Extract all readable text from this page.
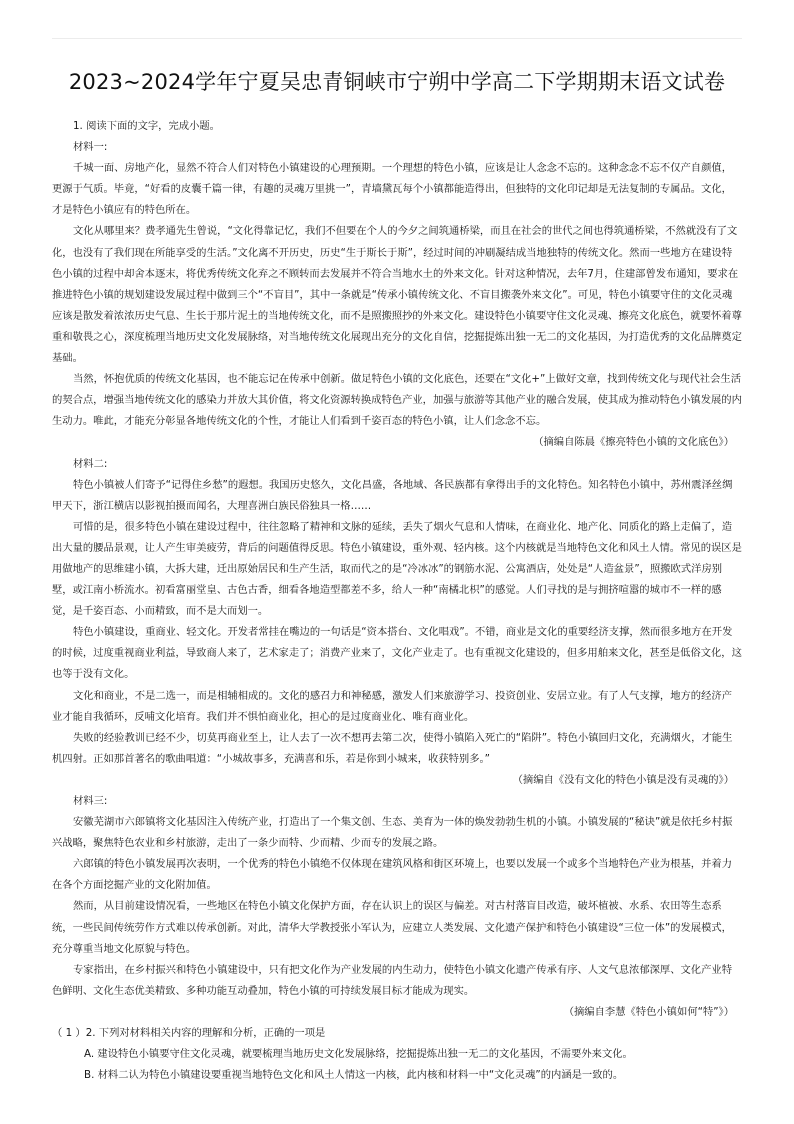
2023~2024学年宁夏吴忠青铜峡市宁朔中学高二下学期期末语文试卷

1. 阅读下面的文字，完成小题。

材料一:

千城一面、房地产化，显然不符合人们对特色小镇建设的心理预期。一个理想的特色小镇，应该是让人念念不忘的。这种念念不忘不仅产自颜值，更源于气质。毕竟，“好看的皮囊千篇一律，有趣的灵魂万里挑一”，青墙黛瓦每个小镇都能造得出，但独特的文化印记却是无法复制的专属品。文化，才是特色小镇应有的特色所在。

文化从哪里来？费孝通先生曾说，“文化得靠记忆，我们不但要在个人的今夕之间筑通桥梁，而且在社会的世代之间也得筑通桥梁，不然就没有了文化，也没有了我们现在所能享受的生活。”文化离不开历史，历史“生于斯长于斯”，经过时间的冲刷凝结成当地独特的传统文化。然而一些地方在建设特色小镇的过程中却舍本逐末，将优秀传统文化弃之不顾转而去发展并不符合当地水土的外来文化。针对这种情况，去年7月，住建部曾发布通知，要求在推进特色小镇的规划建设发展过程中做到三个“不盲目”，其中一条就是“传承小镇传统文化、不盲目搬袭外来文化”。可见，特色小镇要守住的文化灵魂应该是散发着浓浓历史气息、生长于那片泥土的当地传统文化，而不是照搬照抄的外来文化。建设特色小镇要守住文化灵魂、擦亮文化底色，就要怀着尊重和敬畏之心，深度梳理当地历史文化发展脉络，对当地传统文化展现出充分的文化自信，挖掘提炼出独一无二的文化基因，为打造优秀的文化品牌奠定基础。

当然，怀抱优质的传统文化基因，也不能忘记在传承中创新。做足特色小镇的文化底色，还要在“文化+”上做好文章，找到传统文化与现代社会生活的契合点，增强当地传统文化的感染力并放大其价值，将文化资源转换成特色产业，加强与旅游等其他产业的融合发展，使其成为推动特色小镇发展的内生动力。唯此，才能充分彰显各地传统文化的个性，才能让人们看到千姿百态的特色小镇，让人们念念不忘。

（摘编自陈晨《擦亮特色小镇的文化底色》）

材料二:

特色小镇被人们寄予“记得住乡愁”的遐想。我国历史悠久，文化昌盛，各地域、各民族都有拿得出手的文化特色。知名特色小镇中，苏州震泽丝绸甲天下，浙江横店以影视拍摄而闻名，大理喜洲白族民俗独具一格……

可惜的是，很多特色小镇在建设过程中，往往忽略了精神和文脉的延续，丢失了烟火气息和人情味，在商业化、地产化、同质化的路上走偏了，造出大量的腰品景观，让人产生审美疲劳，背后的问题值得反思。特色小镇建设，重外观、轻内核。这个内核就是当地特色文化和风土人情。常见的误区是用做地产的思维建小镇，大拆大建，迁出原始居民和生产生活，取而代之的是“冷冰冰”的钢筋水泥、公寓酒店，处处是“人造盆景”，照搬欧式洋房别墅，或江南小桥流水。初看富丽堂皇、古色古香，细看各地造型都差不多，给人一种“南橘北枳”的感觉。人们寻找的是与拥挤喧嚣的城市不一样的感觉，是千姿百态、小而精致，而不是大而划一。

特色小镇建设，重商业、轻文化。开发者常挂在嘴边的一句话是“资本搭台、文化唱戏”。不错，商业是文化的重要经济支撑，然而很多地方在开发的时候，过度重视商业利益，导致商人来了，艺术家走了；消费产业来了，文化产业走了。也有重视文化建设的，但多用舶来文化，甚至是低俗文化，这也等于没有文化。

文化和商业，不是二选一，而是相辅相成的。文化的感召力和神秘感，激发人们来旅游学习、投资创业、安居立业。有了人气支撑，地方的经济产业才能自我循环，反哺文化培育。我们并不惧怕商业化，担心的是过度商业化、唯有商业化。

失败的经验教训已经不少，切莫再商业至上，让人去了一次不想再去第二次，使得小镇陷入死亡的“陷阱”。特色小镇回归文化，充满烟火，才能生机四射。正如那首著名的歌曲唱道：“小城故事多，充满喜和乐，若是你到小城来，收获特别多。”

（摘编自《没有文化的特色小镇是没有灵魂的》）

材料三:

安徽芜湖市六郎镇将文化基因注入传统产业，打造出了一个集文创、生态、美育为一体的焕发勃勃生机的小镇。小镇发展的“秘诀”就是依托乡村振兴战略，聚焦特色农业和乡村旅游，走出了一条少而特、少而精、少而专的发展之路。

六郎镇的特色小镇发展再次表明，一个优秀的特色小镇绝不仅体现在建筑风格和街区环境上，也要以发展一个或多个当地特色产业为根基，并着力在各个方面挖掘产业的文化附加值。

然而，从目前建设情况看，一些地区在特色小镇文化保护方面，存在认识上的误区与偏差。对古村落盲目改造，破坏植被、水系、农田等生态系统，一些民间传统劳作方式难以传承创新。对此，清华大学教授张小军认为，应建立人类发展、文化遗产保护和特色小镇建设“三位一体”的发展模式，充分尊重当地文化原貌与特色。

专家指出，在乡村振兴和特色小镇建设中，只有把文化作为产业发展的内生动力，使特色小镇文化遗产传承有序、人文气息浓郁深厚、文化产业特色鲜明、文化生态优美精致、多种功能互动叠加，特色小镇的可持续发展目标才能成为现实。

（摘编自李慧《特色小镇如何“特”》）

（ 1 ）2. 下列对材料相关内容的理解和分析，正确的一项是

A. 建设特色小镇要守住文化灵魂，就要梳理当地历史文化发展脉络，挖掘提炼出独一无二的文化基因，不需要外来文化。

B. 材料二认为特色小镇建设要重视当地特色文化和风土人情这一内核，此内核和材料一中“文化灵魂”的内涵是一致的。
